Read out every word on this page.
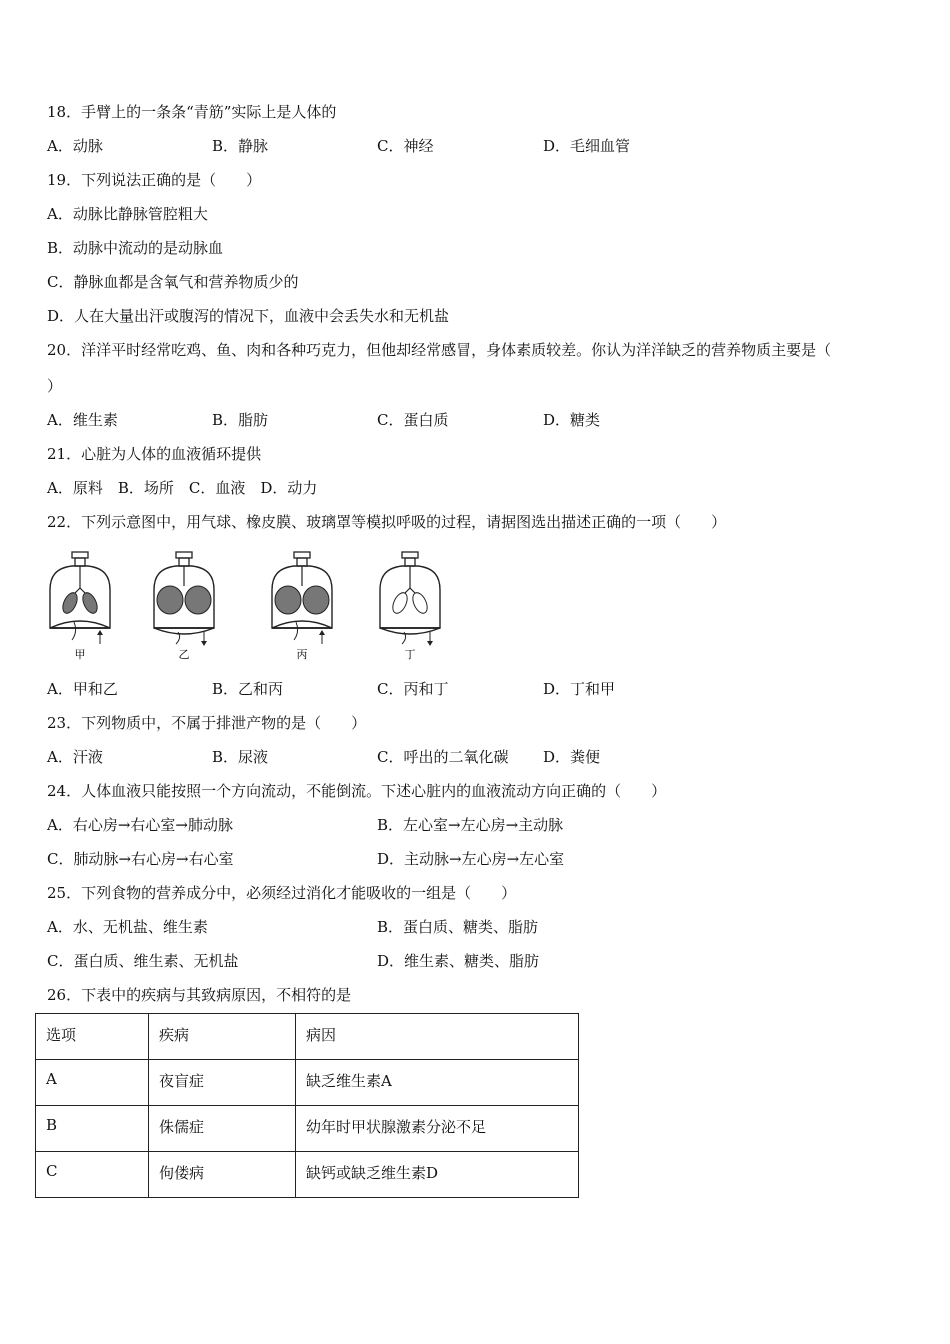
18．手臂上的一条条“青筋”实际上是人体的
A．动脉	B．静脉	C．神经	D．毛细血管
19．下列说法正确的是（　　）
A．动脉比静脉管腔粗大
B．动脉中流动的是动脉血
C．静脉血都是含氧气和营养物质少的
D．人在大量出汗或腹泻的情况下，血液中会丢失水和无机盐
20．洋洋平时经常吃鸡、鱼、肉和各种巧克力，但他却经常感冒，身体素质较差。你认为洋洋缺乏的营养物质主要是（
）
A．维生素	B．脂肪	C．蛋白质	D．糖类
21．心脏为人体的血液循环提供
A．原料　B．场所　C．血液　D．动力
22．下列示意图中，用气球、橡皮膜、玻璃罩等模拟呼吸的过程，请据图选出描述正确的一项（　　）
甲	乙	丙	丁
A．甲和乙	B．乙和丙	C．丙和丁	D．丁和甲
23．下列物质中，不属于排泄产物的是（　　）
A．汗液	B．尿液	C．呼出的二氧化碳 D．粪便
24．人体血液只能按照一个方向流动，不能倒流。下述心脏内的血液流动方向正确的（　　）
A．右心房→右心室→肺动脉	B．左心室→左心房→主动脉
C．肺动脉→右心房→右心室	D．主动脉→左心房→左心室
25．下列食物的营养成分中，必须经过消化才能吸收的一组是（　　）
A．水、无机盐、维生素	B．蛋白质、糖类、脂肪
C．蛋白质、维生素、无机盐	D．维生素、糖类、脂肪
26．下表中的疾病与其致病原因，不相符的是
选项	疾病	病因
A	夜盲症	缺乏维生素A
B	侏儒症	幼年时甲状腺激素分泌不足
C	佝偻病	缺钙或缺乏维生素D
